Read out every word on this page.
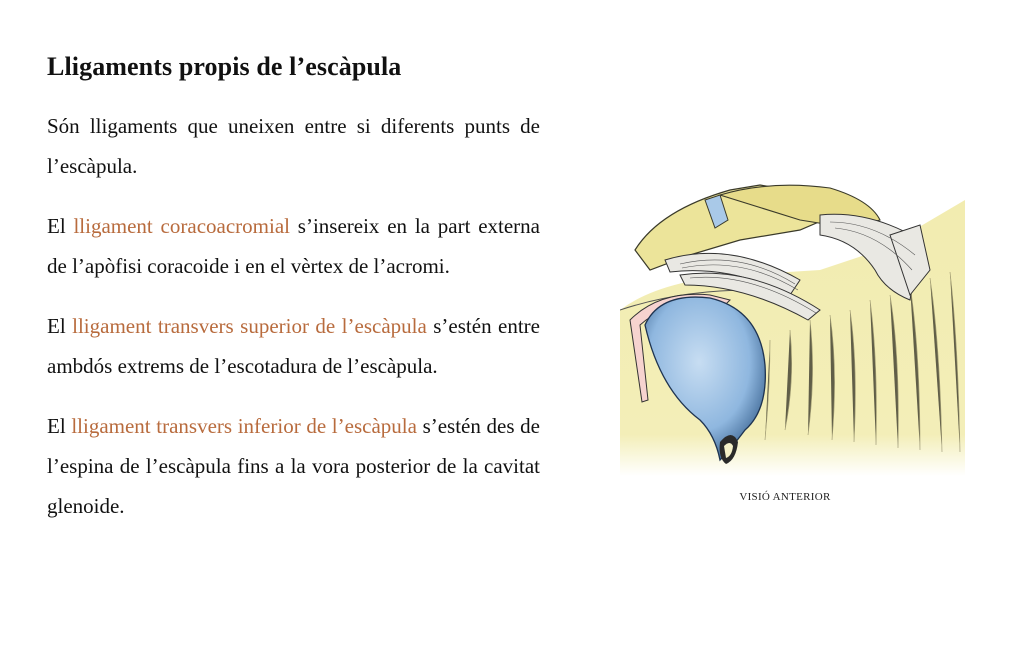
Lligaments propis de l’escàpula

Són lligaments que uneixen entre si diferents punts de l’escàpula.

El lligament coracoacromial s’insereix en la part externa de l’apòfisi coracoide i en el vèrtex de l’acromi.

El lligament transvers superior de l’escàpula s’estén entre ambdós extrems de l’escotadura de l’escàpula.

El lligament transvers inferior de l’escàpula s’estén des de l’espina de l’escàpula fins a la vora posterior de la cavitat glenoide.	VISIÓ ANTERIOR
